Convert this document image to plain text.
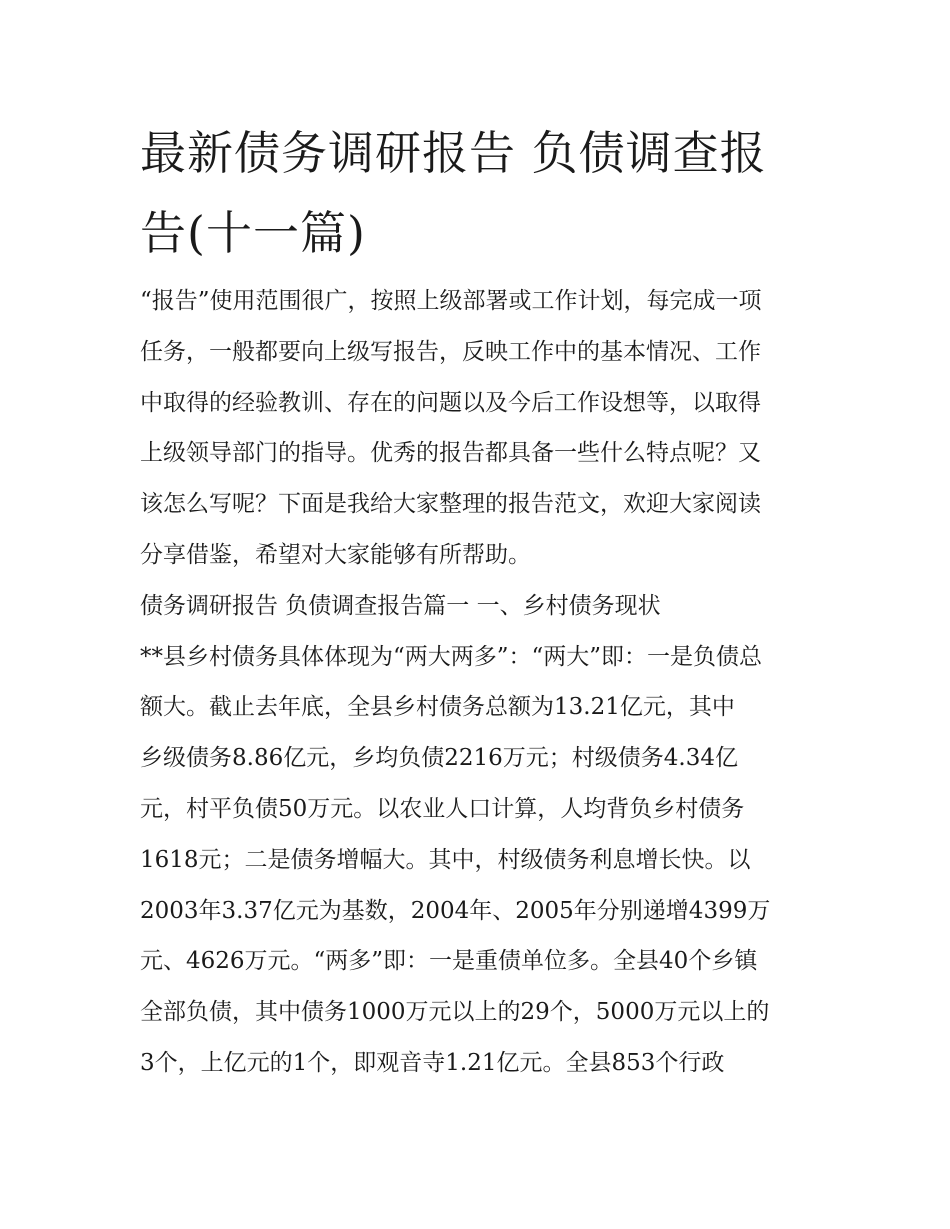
最新债务调研报告 负债调查报
告(十一篇)
“报告”使用范围很广，按照上级部署或工作计划，每完成一项
任务，一般都要向上级写报告，反映工作中的基本情况、工作
中取得的经验教训、存在的问题以及今后工作设想等，以取得
上级领导部门的指导。优秀的报告都具备一些什么特点呢？又
该怎么写呢？下面是我给大家整理的报告范文，欢迎大家阅读
分享借鉴，希望对大家能够有所帮助。
债务调研报告 负债调查报告篇一 一、乡村债务现状
**县乡村债务具体体现为“两大两多”：“两大”即：一是负债总
额大。截止去年底，全县乡村债务总额为13.21亿元，其中
乡级债务8.86亿元，乡均负债2216万元；村级债务4.34亿
元，村平负债50万元。以农业人口计算，人均背负乡村债务
1618元；二是债务增幅大。其中，村级债务利息增长快。以
2003年3.37亿元为基数，2004年、2005年分别递增4399万
元、4626万元。“两多”即：一是重债单位多。全县40个乡镇
全部负债，其中债务1000万元以上的29个，5000万元以上的
3个，上亿元的1个，即观音寺1.21亿元。全县853个行政
